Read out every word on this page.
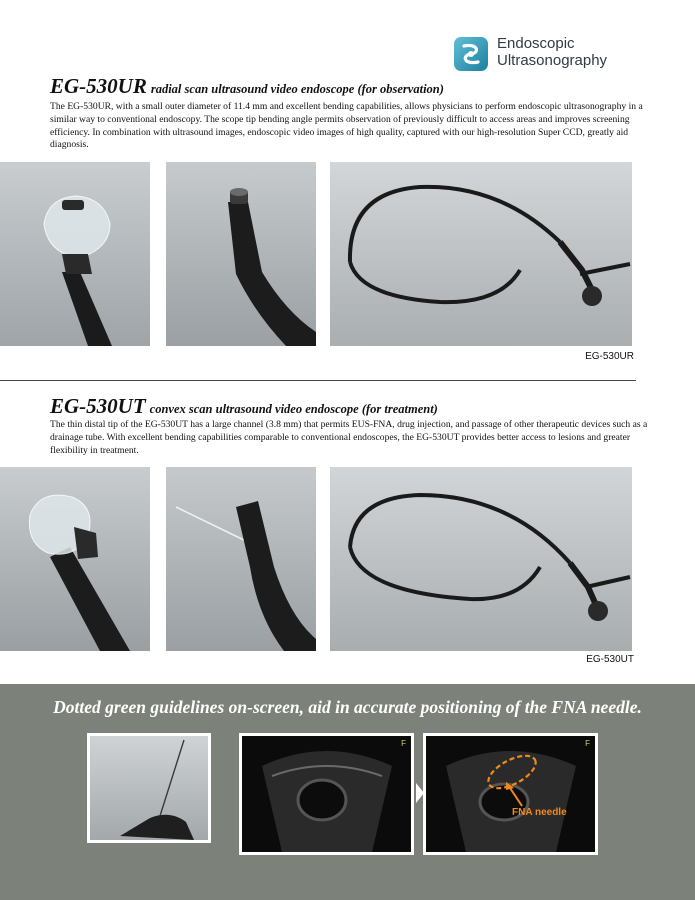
Endoscopic
Ultrasonography
EG-530UR radial scan ultrasound video endoscope (for observation)
The EG-530UR, with a small outer diameter of 11.4 mm and excellent bending capabilities, allows physicians to perform endoscopic ultrasonography in a similar way to conventional endoscopy. The scope tip bending angle permits observation of previously difficult to access areas and improves screening efficiency. In combination with ultrasound images, endoscopic video images of high quality, captured with our high-resolution Super CCD, greatly aid diagnosis.
EG-530UR
EG-530UT convex scan ultrasound video endoscope (for treatment)
The thin distal tip of the EG-530UT has a large channel (3.8 mm) that permits EUS-FNA, drug injection, and passage of other therapeutic devices such as a drainage tube. With excellent bending capabilities comparable to conventional endoscopes, the EG-530UT provides better access to lesions and greater flexibility in treatment.
EG-530UT
Dotted green guidelines on-screen, aid in accurate positioning of the FNA needle.
F	F
FNA needle
